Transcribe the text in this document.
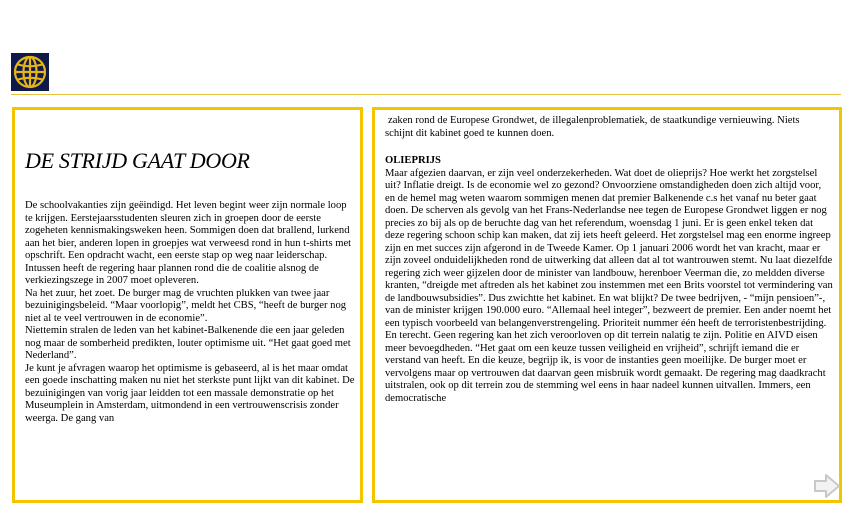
DE STRIJD GAAT DOOR

De schoolvakanties zijn geëindigd. Het leven begint weer zijn normale loop te krijgen. Eerstejaarsstudenten sleuren zich in groepen door de eerste zogeheten kennismakingsweken heen. Sommigen doen dat brallend, lurkend aan het bier, anderen lopen in groepjes wat verweesd rond in hun t-shirts met opschrift. Een opdracht wacht, een eerste stap op weg naar leiderschap. Intussen heeft de regering haar plannen rond die de coalitie alsnog de verkiezingszege in 2007 moet opleveren.
Na het zuur, het zoet. De burger mag de vruchten plukken van twee jaar bezuinigingsbeleid. “Maar voorlopig”, meldt het CBS, “heeft de burger nog niet al te veel vertrouwen in de economie”.
Niettemin stralen de leden van het kabinet-Balkenende die een jaar geleden nog maar de somberheid predikten, louter optimisme uit. “Het gaat goed met Nederland”.
Je kunt je afvragen waarop het optimisme is gebaseerd, al is het maar omdat een goede inschatting maken nu niet het sterkste punt lijkt van dit kabinet. De bezuinigingen van vorig jaar leidden tot een massale demonstratie op het Museumplein in Amsterdam, uitmondend in een vertrouwenscrisis zonder weerga. De gang van

zaken rond de Europese Grondwet, de illegalenproblematiek, de staatkundige vernieuwing. Niets schijnt dit kabinet goed te kunnen doen.

OLIEPRIJS
Maar afgezien daarvan, er zijn veel onderzekerheden. Wat doet de olieprijs? Hoe werkt het zorgstelsel uit? Inflatie dreigt. Is de economie wel zo gezond? Onvoorziene omstandigheden doen zich altijd voor, en de hemel mag weten waarom sommigen menen dat premier Balkenende c.s het vanaf nu beter gaat doen. De scherven als gevolg van het Frans-Nederlandse nee tegen de Europese Grondwet liggen er nog precies zo bij als op de beruchte dag van het referendum, woensdag 1 juni. Er is geen enkel teken dat deze regering schoon schip kan maken, dat zij iets heeft geleerd. Het zorgstelsel mag een enorme ingreep zijn en met succes zijn afgerond in de Tweede Kamer. Op 1 januari 2006 wordt het van kracht, maar er zijn zoveel onduidelijkheden rond de uitwerking dat alleen dat al tot wantrouwen stemt. Nu laat diezelfde regering zich weer gijzelen door de minister van landbouw, herenboer Veerman die, zo meldden diverse kranten, “dreigde met aftreden als het kabinet zou instemmen met een Brits voorstel tot vermindering van de landbouwsubsidies”. Dus zwichtte het kabinet. En wat blijkt? De twee bedrijven, - “mijn pensioen”-, van de minister krijgen 190.000 euro. “Allemaal heel integer”, bezweert de premier. Een ander noemt het een typisch voorbeeld van belangenverstrengeling. Prioriteit nummer één heeft de terroristenbestrijding. En terecht. Geen regering kan het zich veroorloven op dit terrein nalatig te zijn. Politie en AIVD eisen meer bevoegdheden. “Het gaat om een keuze tussen veiligheid en vrijheid”, schrijft iemand die er verstand van heeft. En die keuze, begrijp ik, is voor de instanties geen moeilijke. De burger moet er vervolgens maar op vertrouwen dat daarvan geen misbruik wordt gemaakt. De regering mag daadkracht uitstralen, ook op dit terrein zou de stemming wel eens in haar nadeel kunnen uitvallen. Immers, een democratische
